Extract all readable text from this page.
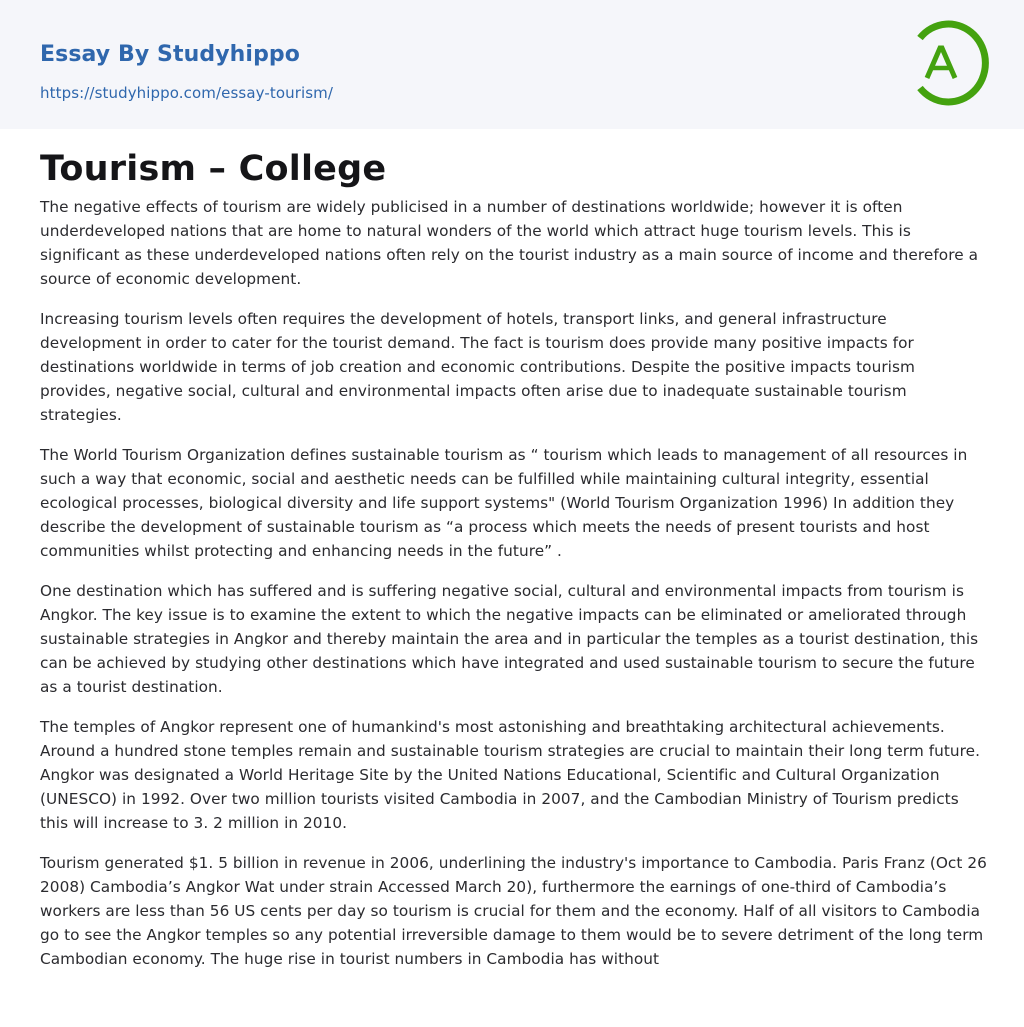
Essay By Studyhippo
https://studyhippo.com/essay-tourism/
Tourism – College

The negative effects of tourism are widely publicised in a number of destinations worldwide; however it is often underdeveloped nations that are home to natural wonders of the world which attract huge tourism levels. This is significant as these underdeveloped nations often rely on the tourist industry as a main source of income and therefore a source of economic development.

Increasing tourism levels often requires the development of hotels, transport links, and general infrastructure development in order to cater for the tourist demand. The fact is tourism does provide many positive impacts for destinations worldwide in terms of job creation and economic contributions. Despite the positive impacts tourism provides, negative social, cultural and environmental impacts often arise due to inadequate sustainable tourism strategies.

The World Tourism Organization defines sustainable tourism as “ tourism which leads to management of all resources in such a way that economic, social and aesthetic needs can be fulfilled while maintaining cultural integrity, essential ecological processes, biological diversity and life support systems" (World Tourism Organization 1996) In addition they describe the development of sustainable tourism as “a process which meets the needs of present tourists and host communities whilst protecting and enhancing needs in the future” .

One destination which has suffered and is suffering negative social, cultural and environmental impacts from tourism is Angkor. The key issue is to examine the extent to which the negative impacts can be eliminated or ameliorated through sustainable strategies in Angkor and thereby maintain the area and in particular the temples as a tourist destination, this can be achieved by studying other destinations which have integrated and used sustainable tourism to secure the future as a tourist destination.

The temples of Angkor represent one of humankind's most astonishing and breathtaking architectural achievements. Around a hundred stone temples remain and sustainable tourism strategies are crucial to maintain their long term future. Angkor was designated a World Heritage Site by the United Nations Educational, Scientific and Cultural Organization (UNESCO) in 1992. Over two million tourists visited Cambodia in 2007, and the Cambodian Ministry of Tourism predicts this will increase to 3. 2 million in 2010.

Tourism generated $1. 5 billion in revenue in 2006, underlining the industry's importance to Cambodia. Paris Franz (Oct 26 2008) Cambodia’s Angkor Wat under strain Accessed March 20), furthermore the earnings of one-third of Cambodia’s workers are less than 56 US cents per day so tourism is crucial for them and the economy. Half of all visitors to Cambodia go to see the Angkor temples so any potential irreversible damage to them would be to severe detriment of the long term Cambodian economy. The huge rise in tourist numbers in Cambodia has without
